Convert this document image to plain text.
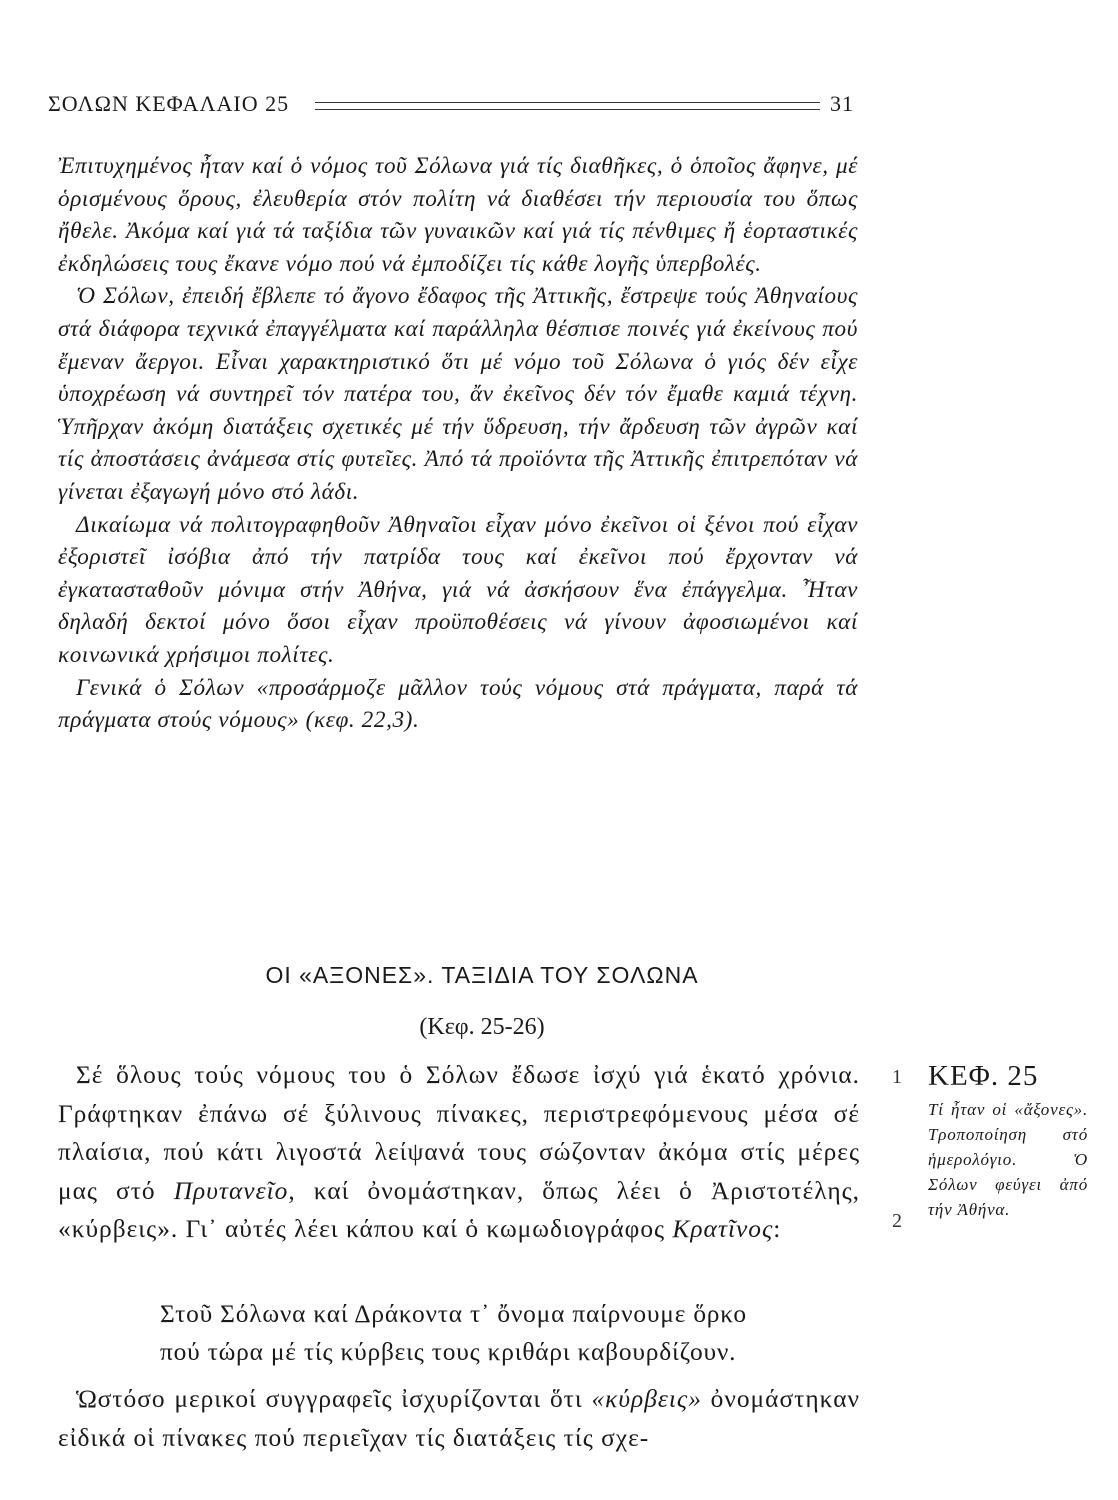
ΣΟΛΩΝ ΚΕΦΑΛΑΙΟ 25	31

Ἐπιτυχημένος ἦταν καί ὁ νόμος τοῦ Σόλωνα γιά τίς διαθῆκες, ὁ ὁποῖος ἄφηνε, μέ ὁρισμένους ὅρους, ἐλευθερία στόν πολίτη νά διαθέσει τήν περιουσία του ὅπως ἤθελε. Ἀκόμα καί γιά τά ταξίδια τῶν γυναικῶν καί γιά τίς πένθιμες ἤ ἑορταστικές ἐκδηλώσεις τους ἔκανε νόμο πού νά ἐμποδίζει τίς κάθε λογῆς ὑπερβολές.

Ὁ Σόλων, ἐπειδή ἔβλεπε τό ἄγονο ἔδαφος τῆς Ἀττικῆς, ἔστρεψε τούς Ἀθηναίους στά διάφορα τεχνικά ἐπαγγέλματα καί παράλληλα θέσπισε ποινές γιά ἐκείνους πού ἔμεναν ἄεργοι. Εἶναι χαρακτηριστικό ὅτι μέ νόμο τοῦ Σόλωνα ὁ γιός δέν εἶχε ὑποχρέωση νά συντηρεῖ τόν πατέρα του, ἄν ἐκεῖνος δέν τόν ἔμαθε καμιά τέχνη. Ὑπῆρχαν ἀκόμη διατάξεις σχετικές μέ τήν ὕδρευση, τήν ἄρδευση τῶν ἀγρῶν καί τίς ἀποστάσεις ἀνάμεσα στίς φυτεῖες. Ἀπό τά προϊόντα τῆς Ἀττικῆς ἐπιτρεπόταν νά γίνεται ἐξαγωγή μόνο στό λάδι.

Δικαίωμα νά πολιτογραφηθοῦν Ἀθηναῖοι εἶχαν μόνο ἐκεῖνοι οἱ ξένοι πού εἶχαν ἐξοριστεῖ ἰσόβια ἀπό τήν πατρίδα τους καί ἐκεῖνοι πού ἔρχονταν νά ἐγκατασταθοῦν μόνιμα στήν Ἀθήνα, γιά νά ἀσκήσουν ἕνα ἐπάγγελμα. Ἦταν δηλαδή δεκτοί μόνο ὅσοι εἶχαν προϋποθέσεις νά γίνουν ἀφοσιωμένοι καί κοινωνικά χρήσιμοι πολίτες.

Γενικά ὁ Σόλων «προσάρμοζε μᾶλλον τούς νόμους στά πράγματα, παρά τά πράγματα στούς νόμους» (κεφ. 22,3).

ΟΙ «ΑΞΟΝΕΣ». ΤΑΞΙΔΙΑ ΤΟΥ ΣΟΛΩΝΑ
(Κεφ. 25-26)

Σέ ὅλους τούς νόμους του ὁ Σόλων ἔδωσε ἰσχύ γιά ἑκατό χρόνια. Γράφτηκαν ἐπάνω σέ ξύλινους πίνακες, περιστρεφόμενους μέσα σέ πλαίσια, πού κάτι λιγοστά λείψανά τους σώζονταν ἀκόμα στίς μέρες μας στό Πρυτανεῖο, καί ὀνομάστηκαν, ὅπως λέει ὁ Ἀριστοτέλης, «κύρβεις». Γι᾿ αὐτές λέει κάπου καί ὁ κωμωδιογράφος Κρατῖνος:

Στοῦ Σόλωνα καί Δράκοντα τ᾿ ὄνομα παίρνουμε ὅρκο

πού τώρα μέ τίς κύρβεις τους κριθάρι καβουρδίζουν.

Ὡστόσο μερικοί συγγραφεῖς ἰσχυρίζονται ὅτι «κύρβεις» ὀνομάστηκαν εἰδικά οἱ πίνακες πού περιεῖχαν τίς διατάξεις τίς σχε-

1
2
ΚΕΦ. 25
Τί ἦταν οἱ «ἄξονες». Τροποποίηση στό ἡμερολόγιο. Ὁ Σόλων φεύγει ἀπό τήν Ἀθήνα.
